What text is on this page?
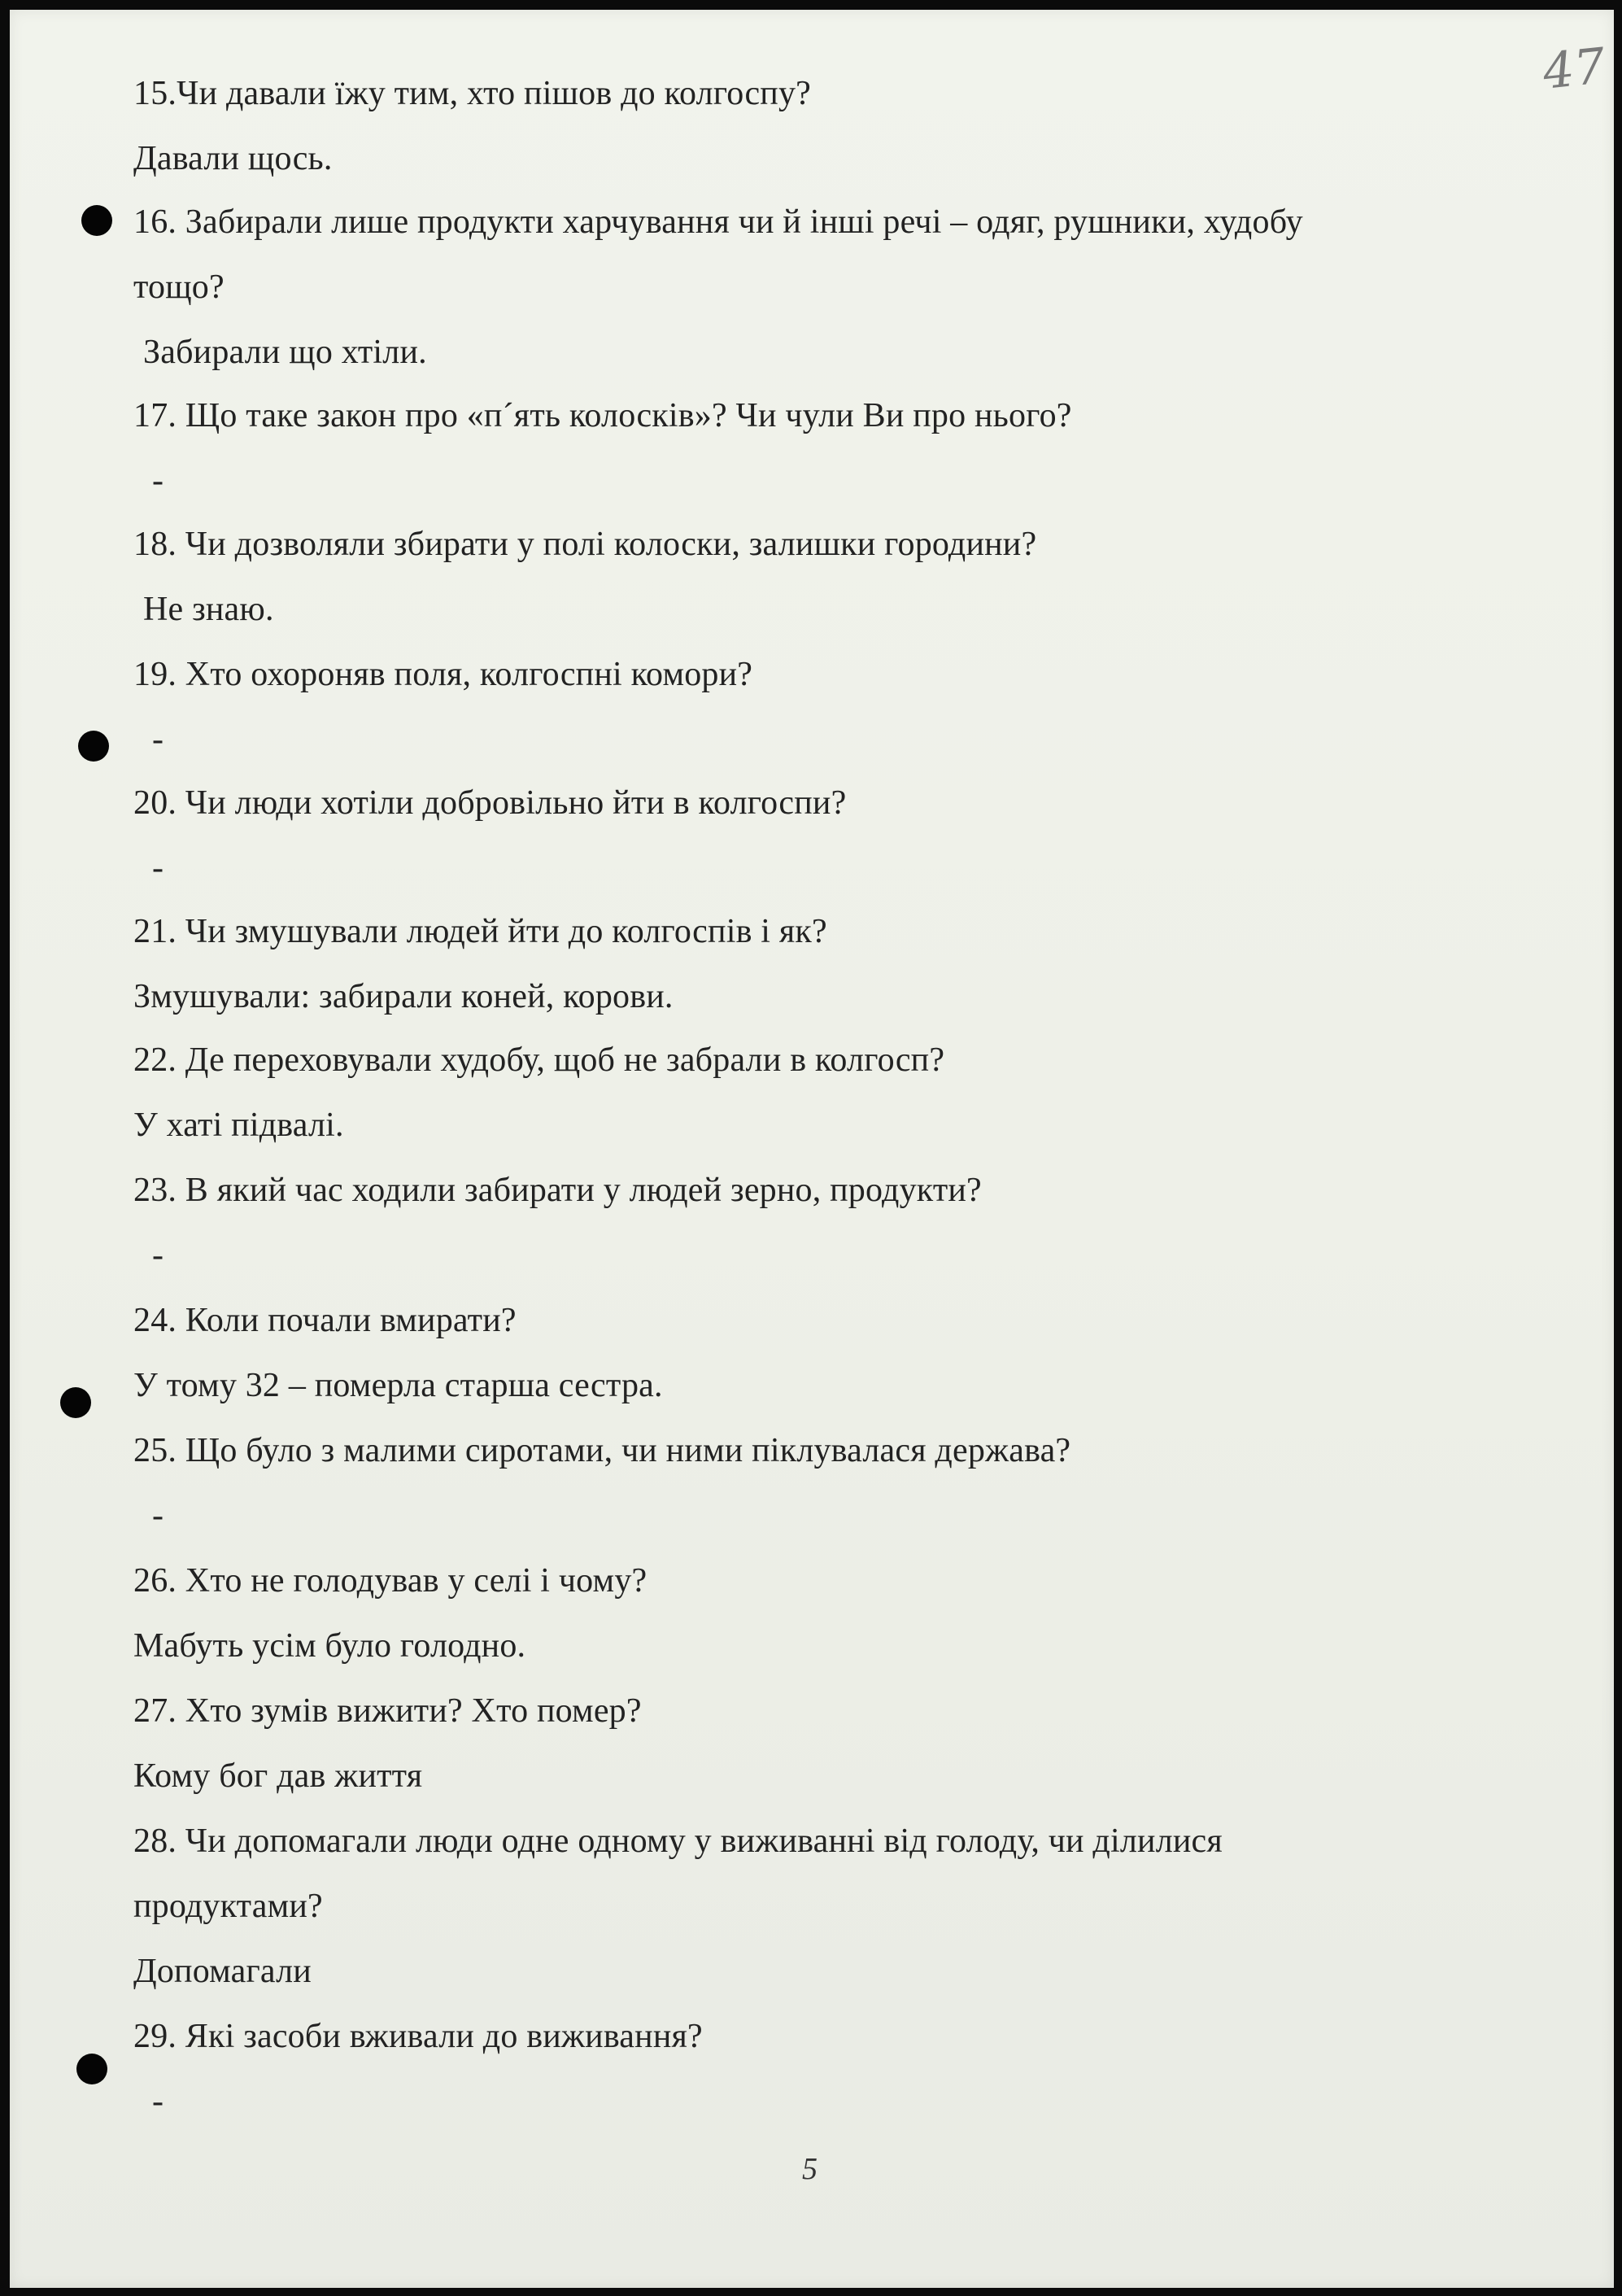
47
15.Чи давали їжу тим, хто пішов до колгоспу?
Давали щось.
16. Забирали лише продукти харчування чи й інші речі – одяг, рушники, худобу
тощо?
Забирали що хтіли.
17. Що таке закон про «п´ять колосків»? Чи чули Ви про нього?
-
18. Чи дозволяли збирати у полі колоски, залишки городини?
Не знаю.
19. Хто охороняв поля, колгоспні комори?
-
20. Чи люди хотіли добровільно йти в колгоспи?
-
21. Чи змушували людей йти до колгоспів і як?
Змушували: забирали коней, корови.
22. Де переховували худобу, щоб не забрали в колгосп?
У хаті підвалі.
23. В який час ходили забирати у людей зерно, продукти?
-
24. Коли почали вмирати?
У тому 32 – померла старша сестра.
25. Що було з малими сиротами, чи ними піклувалася держава?
-
26. Хто не голодував у селі і чому?
Мабуть усім було голодно.
27. Хто зумів вижити? Хто помер?
Кому бог дав життя
28. Чи допомагали люди одне одному у виживанні від голоду, чи ділилися
продуктами?
Допомагали
29. Які засоби вживали до виживання?
-
5
